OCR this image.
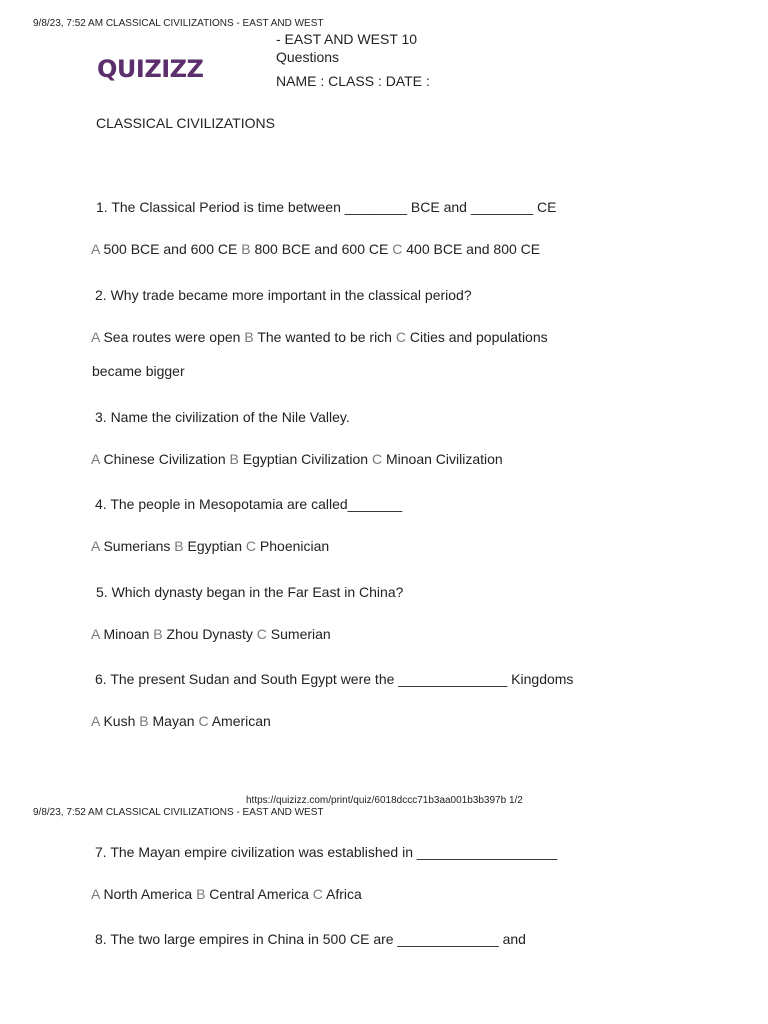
9/8/23, 7:52 AM CLASSICAL CIVILIZATIONS - EAST AND WEST
- EAST AND WEST 10
Questions
NAME : CLASS : DATE :
QUIZIZZ
CLASSICAL CIVILIZATIONS
1. The Classical Period is time between ________ BCE and ________ CE
A 500 BCE and 600 CE B 800 BCE and 600 CE C 400 BCE and 800 CE
2. Why trade became more important in the classical period?
A Sea routes were open B The wanted to be rich C Cities and populations
became bigger
3. Name the civilization of the Nile Valley.
A Chinese Civilization B Egyptian Civilization C Minoan Civilization
4. The people in Mesopotamia are called_______
A Sumerians B Egyptian C Phoenician
5. Which dynasty began in the Far East in China?
A Minoan B Zhou Dynasty C Sumerian
6. The present Sudan and South Egypt were the ______________ Kingdoms
A Kush B Mayan C American
https://quizizz.com/print/quiz/6018dccc71b3aa001b3b397b 1/2
9/8/23, 7:52 AM CLASSICAL CIVILIZATIONS - EAST AND WEST
7. The Mayan empire civilization was established in __________________
A North America B Central America C Africa
8. The two large empires in China in 500 CE are _____________ and
